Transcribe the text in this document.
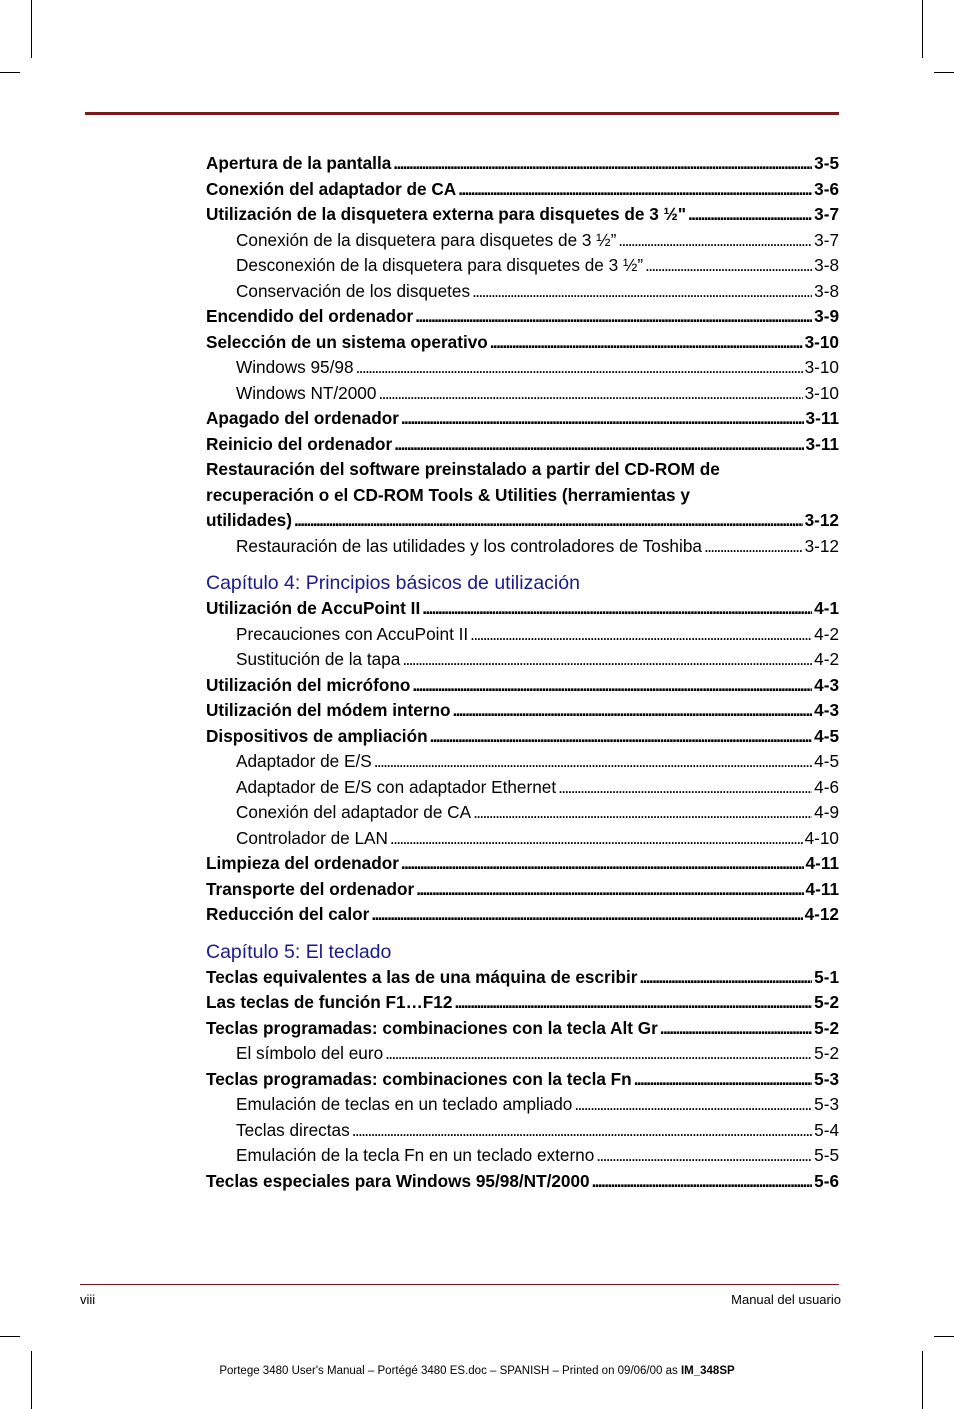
Apertura de la pantalla . . .	3-5
Conexión del adaptador de CA . . .	3-6
Utilización de la disquetera externa para disquetes de 3 ½" . . .	3-7
Conexión de la disquetera para disquetes de 3 ½” . . .	3-7
Desconexión de la disquetera para disquetes de 3 ½” . . .	3-8
Conservación de los disquetes . . .	3-8
Encendido del ordenador . . .	3-9
Selección de un sistema operativo . . .	3-10
Windows 95/98 . . .	3-10
Windows NT/2000 . . .	3-10
Apagado del ordenador . . .	3-11
Reinicio del ordenador . . .	3-11
Restauración del software preinstalado a partir del CD-ROM de
recuperación o el CD-ROM Tools & Utilities (herramientas y
utilidades) . . .	3-12
Restauración de las utilidades y los controladores de Toshiba . . .	3-12
Capítulo 4: Principios básicos de utilización
Utilización de AccuPoint II . . .	4-1
Precauciones con AccuPoint II . . .	4-2
Sustitución de la tapa . . .	4-2
Utilización del micrófono . . .	4-3
Utilización del módem interno . . .	4-3
Dispositivos de ampliación . . .	4-5
Adaptador de E/S . . .	4-5
Adaptador de E/S con adaptador Ethernet . . .	4-6
Conexión del adaptador de CA . . .	4-9
Controlador de LAN . . .	4-10
Limpieza del ordenador . . .	4-11
Transporte del ordenador . . .	4-11
Reducción del calor . . .	4-12
Capítulo 5: El teclado
Teclas equivalentes a las de una máquina de escribir . . .	5-1
Las teclas de función F1…F12 . . .	5-2
Teclas programadas: combinaciones con la tecla Alt Gr . . .	5-2
El símbolo del euro . . .	5-2
Teclas programadas: combinaciones con la tecla Fn . . .	5-3
Emulación de teclas en un teclado ampliado . . .	5-3
Teclas directas . . .	5-4
Emulación de la tecla Fn en un teclado externo . . .	5-5
Teclas especiales para Windows 95/98/NT/2000 . . .	5-6
viii	Manual del usuario
Portege 3480 User's Manual – Portégé 3480 ES.doc – SPANISH – Printed on 09/06/00 as IM_348SP
